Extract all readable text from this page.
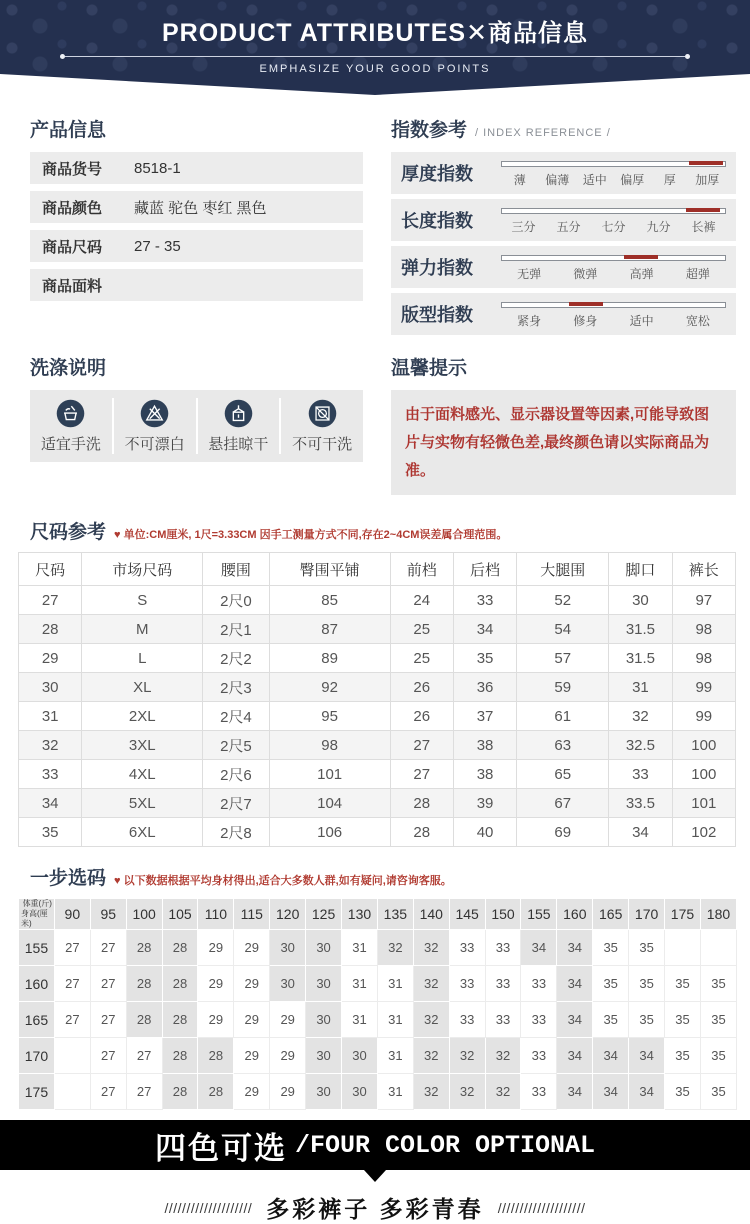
PRODUCT ATTRIBUTES✕商品信息
EMPHASIZE YOUR GOOD POINTS
产品信息
商品货号	8518-1
商品颜色	藏蓝 驼色 枣红 黑色
商品尺码	27 - 35
商品面料
指数参考 / INDEX REFERENCE /
厚度指数	薄	偏薄	适中	偏厚	厚	加厚
长度指数	三分	五分	七分	九分	长裤
弹力指数	无弹	微弹	高弹	超弹
版型指数	紧身	修身	适中	宽松
洗涤说明
适宜手洗 不可漂白 悬挂晾干 不可干洗
温馨提示
由于面料感光、显示器设置等因素,可能导致图片与实物有轻微色差,最终颜色请以实际商品为准。
尺码参考 ♥ 单位:CM厘米, 1尺=3.33CM 因手工测量方式不同,存在2~4CM误差属合理范围。
尺码	市场尺码	腰围	臀围平铺	前档	后档	大腿围	脚口	裤长
27	S	2尺0	85	24	33	52	30	97
28	M	2尺1	87	25	34	54	31.5	98
29	L	2尺2	89	25	35	57	31.5	98
30	XL	2尺3	92	26	36	59	31	99
31	2XL	2尺4	95	26	37	61	32	99
32	3XL	2尺5	98	27	38	63	32.5	100
33	4XL	2尺6	101	27	38	65	33	100
34	5XL	2尺7	104	28	39	67	33.5	101
35	6XL	2尺8	106	28	40	69	34	102
一步选码 ♥ 以下数据根据平均身材得出,适合大多数人群,如有疑问,请咨询客服。
体重(斤)
身高(厘米)	90	95	100	105	110	115	120	125	130	135	140	145	150	155	160	165	170	175	180
155	27	27	28	28	29	29	30	30	31	32	32	33	33	34	34	35	35		
160	27	27	28	28	29	29	30	30	31	31	32	33	33	33	34	35	35	35	35
165	27	27	28	28	29	29	29	30	31	31	32	33	33	33	34	35	35	35	35
170		27	27	28	28	29	29	30	30	31	32	32	32	33	34	34	34	35	35
175		27	27	28	28	29	29	30	30	31	32	32	32	33	34	34	34	35	35
四色可选 /FOUR COLOR OPTIONAL
//////////////////// 多彩裤子 多彩青春 ////////////////////
